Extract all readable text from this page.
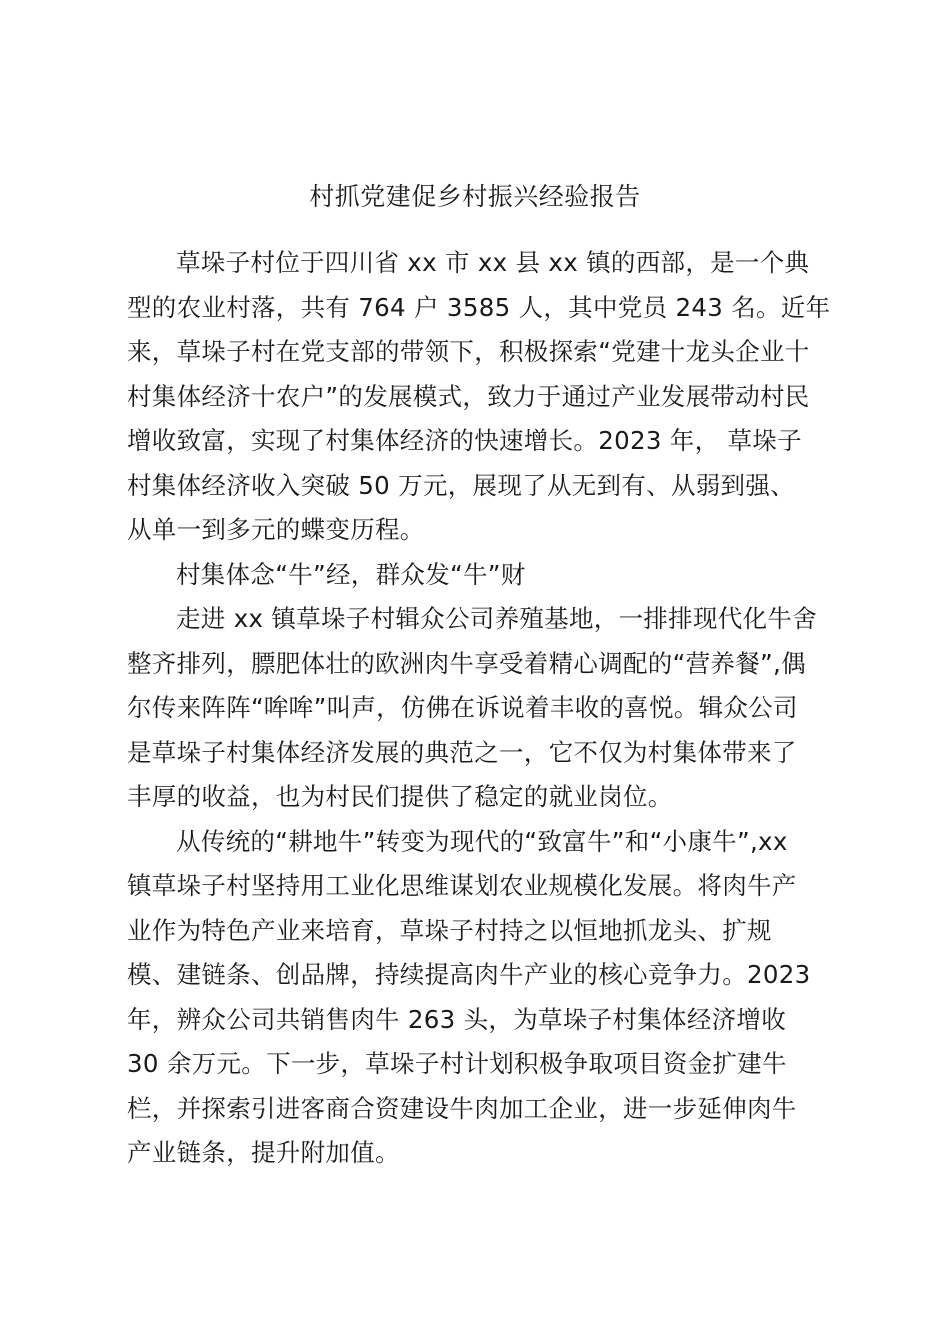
村抓党建促乡村振兴经验报告

草垛子村位于四川省 xx 市 xx 县 xx 镇的西部，是一个典
型的农业村落，共有 764 户 3585 人，其中党员 243 名。近年
来，草垛子村在党支部的带领下，积极探索“党建十龙头企业十
村集体经济十农户”的发展模式，致力于通过产业发展带动村民
增收致富，实现了村集体经济的快速增长。2023 年， 草垛子
村集体经济收入突破 50 万元，展现了从无到有、从弱到强、
从单一到多元的蝶变历程。

村集体念“牛”经，群众发“牛”财

走进 xx 镇草垛子村辑众公司养殖基地，一排排现代化牛舍
整齐排列，膘肥体壮的欧洲肉牛享受着精心调配的“营养餐”,偶
尔传来阵阵“哞哞”叫声，仿佛在诉说着丰收的喜悦。辑众公司
是草垛子村集体经济发展的典范之一，它不仅为村集体带来了
丰厚的收益，也为村民们提供了稳定的就业岗位。

从传统的“耕地牛”转变为现代的“致富牛”和“小康牛”,xx
镇草垛子村坚持用工业化思维谋划农业规模化发展。将肉牛产
业作为特色产业来培育，草垛子村持之以恒地抓龙头、扩规
模、建链条、创品牌，持续提高肉牛产业的核心竞争力。2023
年，辨众公司共销售肉牛 263 头，为草垛子村集体经济增收
30 余万元。下一步，草垛子村计划积极争取项目资金扩建牛
栏，并探索引进客商合资建设牛肉加工企业，进一步延伸肉牛
产业链条，提升附加值。
